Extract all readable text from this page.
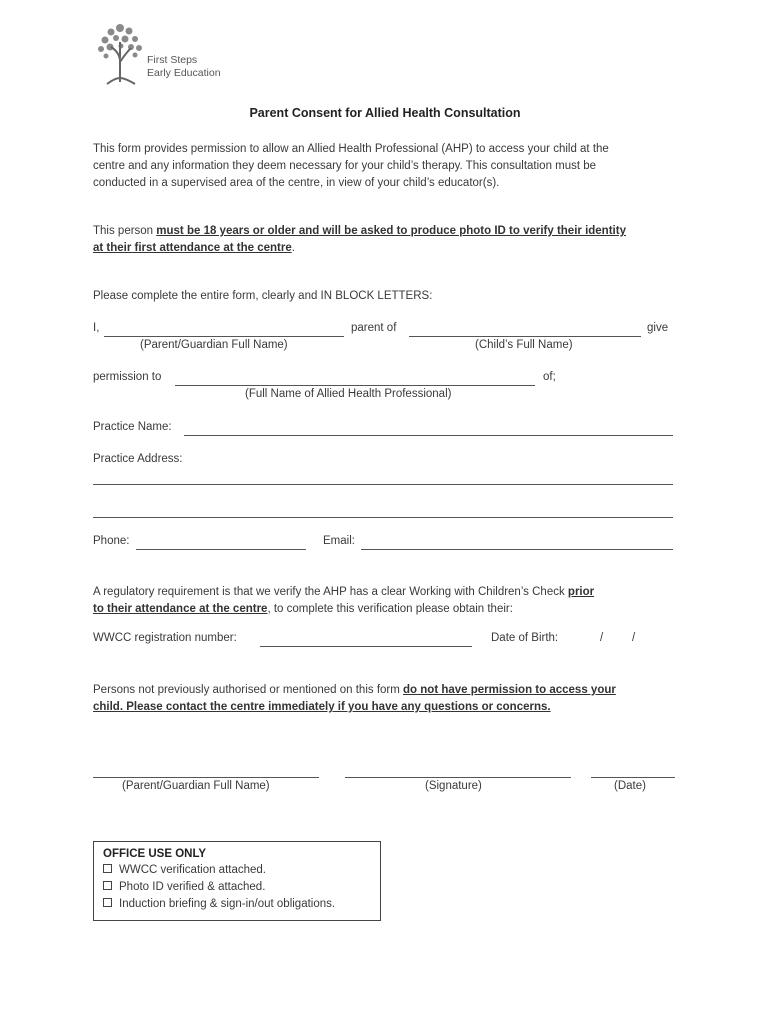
First Steps
Early Education
Parent Consent for Allied Health Consultation
This form provides permission to allow an Allied Health Professional (AHP) to access your child at the
centre and any information they deem necessary for your child’s therapy. This consultation must be
conducted in a supervised area of the centre, in view of your child’s educator(s).
This person must be 18 years or older and will be asked to produce photo ID to verify their identity
at their first attendance at the centre.
Please complete the entire form, clearly and IN BLOCK LETTERS:
I,	parent of	give
(Parent/Guardian Full Name)	(Child’s Full Name)
permission to	of;
(Full Name of Allied Health Professional)
Practice Name:
Practice Address:
Phone:	Email:
A regulatory requirement is that we verify the AHP has a clear Working with Children’s Check prior
to their attendance at the centre, to complete this verification please obtain their:
WWCC registration number:	Date of Birth:	/	/
Persons not previously authorised or mentioned on this form do not have permission to access your
child. Please contact the centre immediately if you have any questions or concerns.
(Parent/Guardian Full Name)	(Signature)	(Date)
OFFICE USE ONLY
WWCC verification attached.
Photo ID verified & attached.
Induction briefing & sign-in/out obligations.
